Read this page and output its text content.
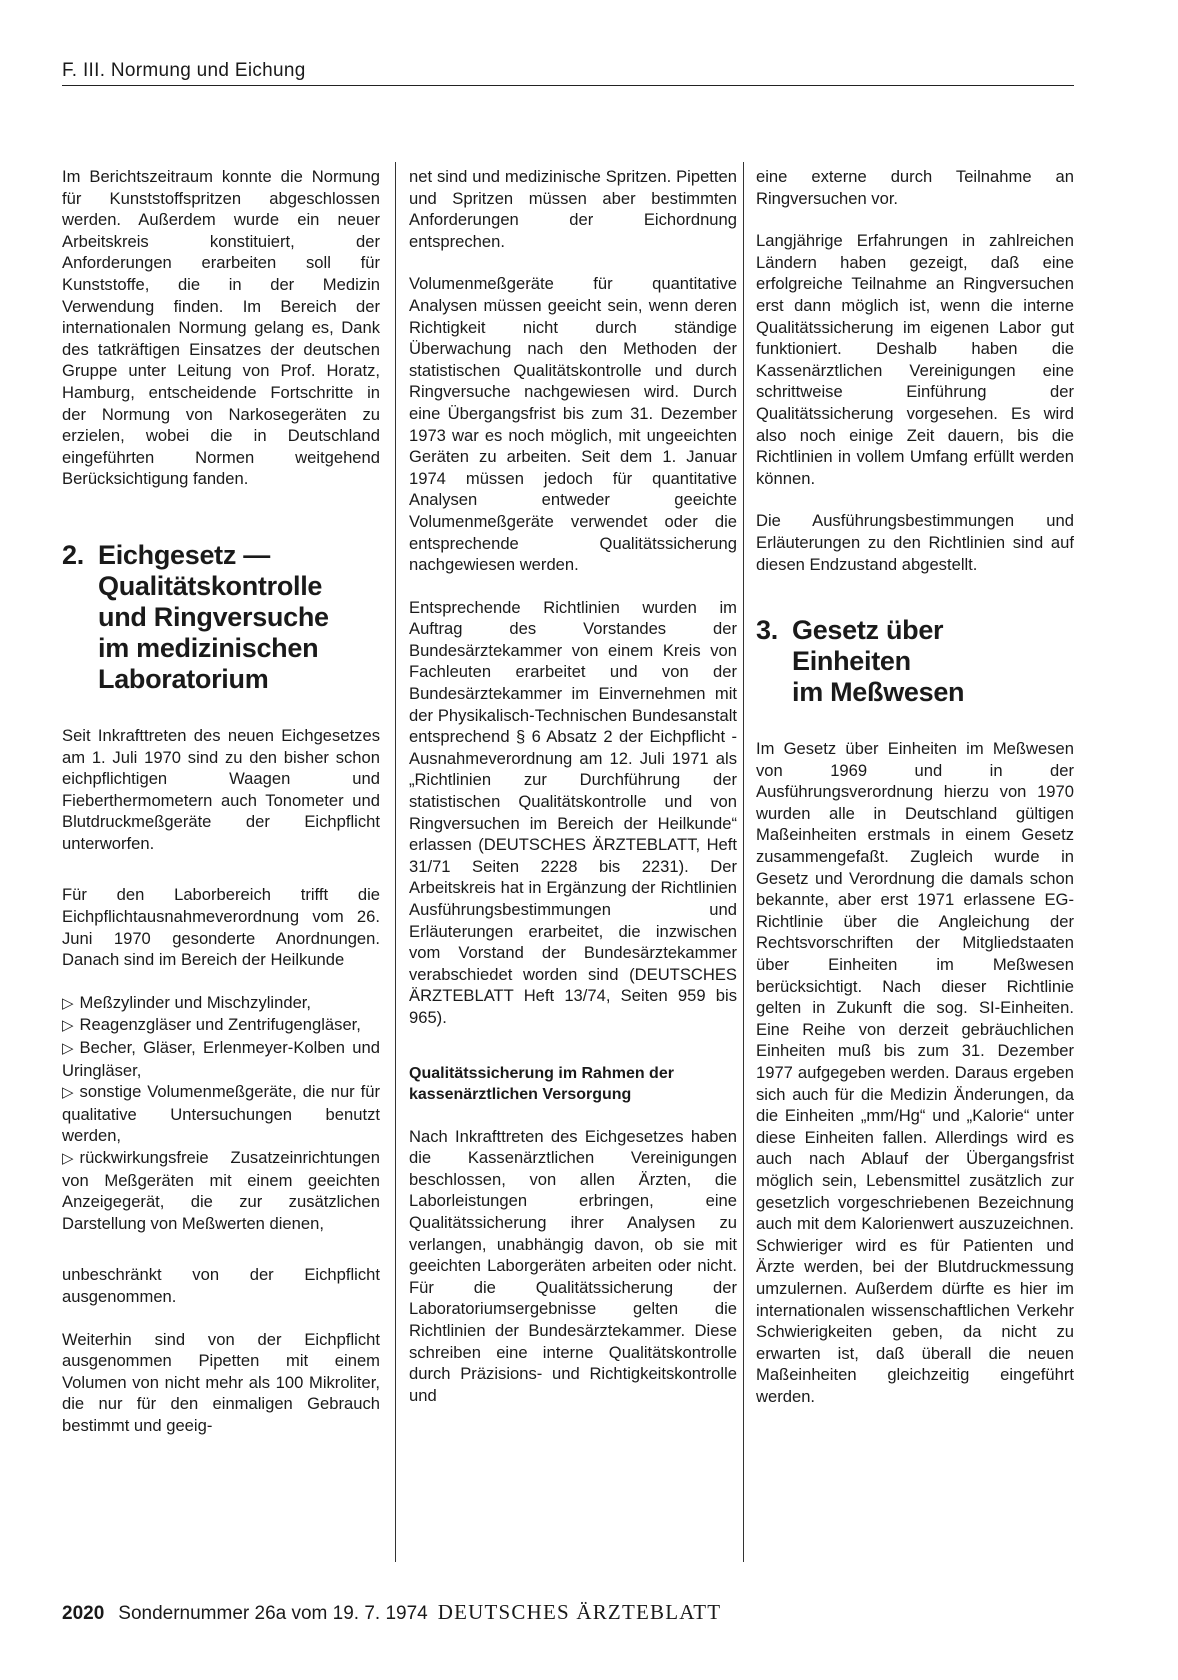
F. III. Normung und Eichung

Im Berichtszeitraum konnte die Normung für Kunststoffspritzen abgeschlossen werden. Außerdem wurde ein neuer Arbeitskreis konstituiert, der Anforderungen erarbeiten soll für Kunststoffe, die in der Medizin Verwendung finden. Im Bereich der internationalen Normung gelang es, Dank des tatkräftigen Einsatzes der deutschen Gruppe unter Leitung von Prof. Horatz, Hamburg, entscheidende Fortschritte in der Normung von Narkosegeräten zu erzielen, wobei die in Deutschland eingeführten Normen weitgehend Berücksichtigung fanden.

2. Eichgesetz —
Qualitätskontrolle
und Ringversuche
im medizinischen
Laboratorium

Seit Inkrafttreten des neuen Eichgesetzes am 1. Juli 1970 sind zu den bisher schon eichpflichtigen Waagen und Fieberthermometern auch Tonometer und Blutdruckmeßgeräte der Eichpflicht unterworfen.

Für den Laborbereich trifft die Eichpflichtausnahmeverordnung vom 26. Juni 1970 gesonderte Anordnungen. Danach sind im Bereich der Heilkunde

▷ Meßzylinder und Mischzylinder,
▷ Reagenzgläser und Zentrifugengläser,
▷ Becher, Gläser, Erlenmeyer-Kolben und Uringläser,
▷ sonstige Volumenmeßgeräte, die nur für qualitative Untersuchungen benutzt werden,
▷ rückwirkungsfreie Zusatzeinrichtungen von Meßgeräten mit einem geeichten Anzeigegerät, die zur zusätzlichen Darstellung von Meßwerten dienen,

unbeschränkt von der Eichpflicht ausgenommen.

Weiterhin sind von der Eichpflicht ausgenommen Pipetten mit einem Volumen von nicht mehr als 100 Mikroliter, die nur für den einmaligen Gebrauch bestimmt und geeig-

net sind und medizinische Spritzen. Pipetten und Spritzen müssen aber bestimmten Anforderungen der Eichordnung entsprechen.

Volumenmeßgeräte für quantitative Analysen müssen geeicht sein, wenn deren Richtigkeit nicht durch ständige Überwachung nach den Methoden der statistischen Qualitätskontrolle und durch Ringversuche nachgewiesen wird. Durch eine Übergangsfrist bis zum 31. Dezember 1973 war es noch möglich, mit ungeeichten Geräten zu arbeiten. Seit dem 1. Januar 1974 müssen jedoch für quantitative Analysen entweder geeichte Volumenmeßgeräte verwendet oder die entsprechende Qualitätssicherung nachgewiesen werden.

Entsprechende Richtlinien wurden im Auftrag des Vorstandes der Bundesärztekammer von einem Kreis von Fachleuten erarbeitet und von der Bundesärztekammer im Einvernehmen mit der Physikalisch-Technischen Bundesanstalt entsprechend § 6 Absatz 2 der Eichpflicht - Ausnahmeverordnung am 12. Juli 1971 als „Richtlinien zur Durchführung der statistischen Qualitätskontrolle und von Ringversuchen im Bereich der Heilkunde“ erlassen (DEUTSCHES ÄRZTEBLATT, Heft 31/71 Seiten 2228 bis 2231). Der Arbeitskreis hat in Ergänzung der Richtlinien Ausführungsbestimmungen und Erläuterungen erarbeitet, die inzwischen vom Vorstand der Bundesärztekammer verabschiedet worden sind (DEUTSCHES ÄRZTEBLATT Heft 13/74, Seiten 959 bis 965).

Qualitätssicherung im Rahmen der kassenärztlichen Versorgung

Nach Inkrafttreten des Eichgesetzes haben die Kassenärztlichen Vereinigungen beschlossen, von allen Ärzten, die Laborleistungen erbringen, eine Qualitätssicherung ihrer Analysen zu verlangen, unabhängig davon, ob sie mit geeichten Laborgeräten arbeiten oder nicht. Für die Qualitätssicherung der Laboratoriumsergebnisse gelten die Richtlinien der Bundesärztekammer. Diese schreiben eine interne Qualitätskontrolle durch Präzisions- und Richtigkeitskontrolle und

eine externe durch Teilnahme an Ringversuchen vor.

Langjährige Erfahrungen in zahlreichen Ländern haben gezeigt, daß eine erfolgreiche Teilnahme an Ringversuchen erst dann möglich ist, wenn die interne Qualitätssicherung im eigenen Labor gut funktioniert. Deshalb haben die Kassenärztlichen Vereinigungen eine schrittweise Einführung der Qualitätssicherung vorgesehen. Es wird also noch einige Zeit dauern, bis die Richtlinien in vollem Umfang erfüllt werden können.

Die Ausführungsbestimmungen und Erläuterungen zu den Richtlinien sind auf diesen Endzustand abgestellt.

3. Gesetz über
Einheiten
im Meßwesen

Im Gesetz über Einheiten im Meßwesen von 1969 und in der Ausführungsverordnung hierzu von 1970 wurden alle in Deutschland gültigen Maßeinheiten erstmals in einem Gesetz zusammengefaßt. Zugleich wurde in Gesetz und Verordnung die damals schon bekannte, aber erst 1971 erlassene EG-Richtlinie über die Angleichung der Rechtsvorschriften der Mitgliedstaaten über Einheiten im Meßwesen berücksichtigt. Nach dieser Richtlinie gelten in Zukunft die sog. SI-Einheiten. Eine Reihe von derzeit gebräuchlichen Einheiten muß bis zum 31. Dezember 1977 aufgegeben werden. Daraus ergeben sich auch für die Medizin Änderungen, da die Einheiten „mm/Hg“ und „Kalorie“ unter diese Einheiten fallen. Allerdings wird es auch nach Ablauf der Übergangsfrist möglich sein, Lebensmittel zusätzlich zur gesetzlich vorgeschriebenen Bezeichnung auch mit dem Kalorienwert auszuzeichnen. Schwieriger wird es für Patienten und Ärzte werden, bei der Blutdruckmessung umzulernen. Außerdem dürfte es hier im internationalen wissenschaftlichen Verkehr Schwierigkeiten geben, da nicht zu erwarten ist, daß überall die neuen Maßeinheiten gleichzeitig eingeführt werden.

2020 Sondernummer 26a vom 19. 7. 1974 DEUTSCHES ÄRZTEBLATT
